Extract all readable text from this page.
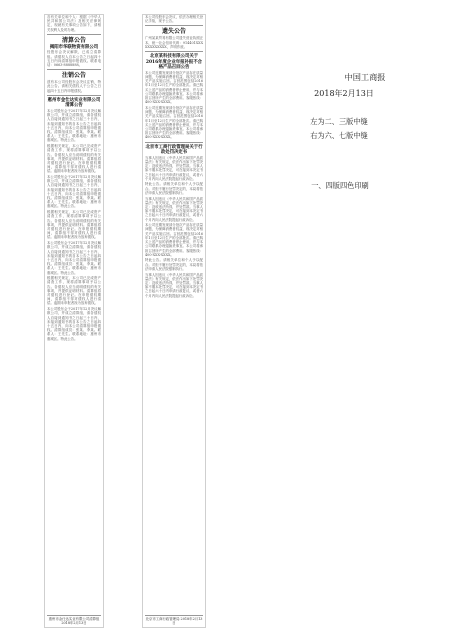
各有关单位和个人：根据《中华人民共和国公司法》及相关法律规定，现就有关事项公告如下，请相关权利人及时办理。
清算公告
揭阳市华联物资有限公司
经股东会决议解散，已成立清算组。请债权人自本公告之日起四十五日内向清算组申报债权。联系电话：0663-8888888。
注销公告
兹有本公司经股东会决议注销，特此公告。请相关债权人于公告之日起四十五日内申报债权。
惠州市金仕达实业有限公司清算公告
本公司股东会于2017年12月决议解散公司，并成立清算组，请各债权人自接到通知书之日起三十日内，未接到通知书的自本公告之日起四十五日内，向本公司清算组申报债权。清算组成员：张某、李某。联系人：王先生。联系地址：惠州市惠城区。特此公告。
根据相关规定，本公司已完成资产清查工作，现将清算事项予以公告。各债权人应当说明债权的有关事项，并提供证明材料。清算组将对债权进行登记。在申报债权期间，清算组不得对债权人进行清偿。逾期未申报者视为放弃债权。
本公司股东会于2017年12月决议解散公司，并成立清算组，请各债权人自接到通知书之日起三十日内，未接到通知书的自本公告之日起四十五日内，向本公司清算组申报债权。清算组成员：张某、李某。联系人：王先生。联系地址：惠州市惠城区。特此公告。
根据相关规定，本公司已完成资产清查工作，现将清算事项予以公告。各债权人应当说明债权的有关事项，并提供证明材料。清算组将对债权进行登记。在申报债权期间，清算组不得对债权人进行清偿。逾期未申报者视为放弃债权。
本公司股东会于2017年12月决议解散公司，并成立清算组，请各债权人自接到通知书之日起三十日内，未接到通知书的自本公告之日起四十五日内，向本公司清算组申报债权。清算组成员：张某、李某。联系人：王先生。联系地址：惠州市惠城区。特此公告。
根据相关规定，本公司已完成资产清查工作，现将清算事项予以公告。各债权人应当说明债权的有关事项，并提供证明材料。清算组将对债权进行登记。在申报债权期间，清算组不得对债权人进行清偿。逾期未申报者视为放弃债权。
本公司股东会于2017年12月决议解散公司，并成立清算组，请各债权人自接到通知书之日起三十日内，未接到通知书的自本公告之日起四十五日内，向本公司清算组申报债权。清算组成员：张某、李某。联系人：王先生。联系地址：惠州市惠城区。特此公告。
惠州市金仕达实业有限公司清算组 2018年2月13日
本公司经股东会决议，依法办理相关登记手续，现予公告。
遗失公告
广州某某贸易有限公司遗失营业执照正本，统一社会信用代码：914401XXXXXXXXXXXX，声明作废。
北京某科技有限公司关于2016年度企业年报补报不合格产品召回公告
本公司近期发现部分批次产品存在质量问题，为保障消费者权益，现决定对相关产品实施召回。召回范围包括2016年1月至12月生产的全部批次。请已购买上述产品的消费者停止使用，并与本公司联系办理退换货事宜。本公司将承担召回所产生的全部费用。客服热线：400-XXX-XXXX。
本公司近期发现部分批次产品存在质量问题，为保障消费者权益，现决定对相关产品实施召回。召回范围包括2016年1月至12月生产的全部批次。请已购买上述产品的消费者停止使用，并与本公司联系办理退换货事宜。本公司将承担召回所产生的全部费用。客服热线：400-XXX-XXXX。
北京市工商行政管理局关于行政处罚决定书
当事人因违反《中华人民共和国产品质量法》有关规定，依法作出如下处罚决定：没收违法所得，并处罚款。当事人如不服本处罚决定，可在接到本决定书之日起六十日内申请行政复议，或者六个月内向人民法院提起行政诉讼。
特此公告。请相关单位和个人予以配合。对拒不履行处罚决定的，本局将依法申请人民法院强制执行。
当事人因违反《中华人民共和国产品质量法》有关规定，依法作出如下处罚决定：没收违法所得，并处罚款。当事人如不服本处罚决定，可在接到本决定书之日起六十日内申请行政复议，或者六个月内向人民法院提起行政诉讼。
本公司近期发现部分批次产品存在质量问题，为保障消费者权益，现决定对相关产品实施召回。召回范围包括2016年1月至12月生产的全部批次。请已购买上述产品的消费者停止使用，并与本公司联系办理退换货事宜。本公司将承担召回所产生的全部费用。客服热线：400-XXX-XXXX。
特此公告。请相关单位和个人予以配合。对拒不履行处罚决定的，本局将依法申请人民法院强制执行。
当事人因违反《中华人民共和国产品质量法》有关规定，依法作出如下处罚决定：没收违法所得，并处罚款。当事人如不服本处罚决定，可在接到本决定书之日起六十日内申请行政复议，或者六个月内向人民法院提起行政诉讼。
北京市工商行政管理局 2018年2月13日
中国工商报
2018年2月13日
左为二、三版中缝
右为六、七版中缝
一、四版四色印刷
